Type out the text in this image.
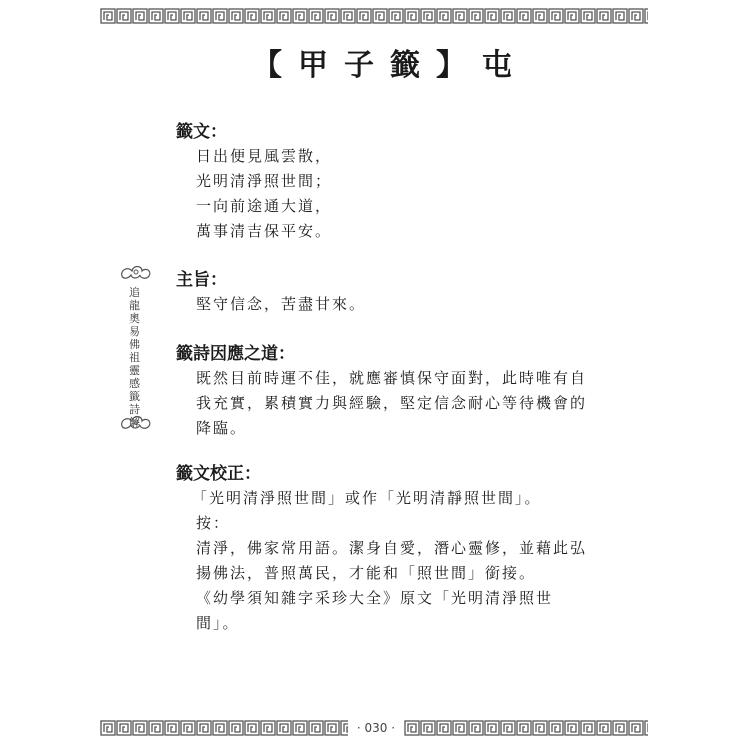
【甲子籤】屯
追龍奧易佛祖靈感籤詩解
籤文：
日出便見風雲散，
光明清淨照世間；
一向前途通大道，
萬事清吉保平安。
主旨：
堅守信念，苦盡甘來。
籤詩因應之道：
既然目前時運不佳，就應審慎保守面對，此時唯有自
我充實，累積實力與經驗，堅定信念耐心等待機會的
降臨。
籤文校正：
「光明清淨照世間」或作「光明清靜照世間」。
按：
清淨，佛家常用語。潔身自愛，潛心靈修，並藉此弘
揚佛法，普照萬民，才能和「照世間」銜接。
《幼學須知雜字采珍大全》原文「光明清淨照世
間」。
· 030 ·
